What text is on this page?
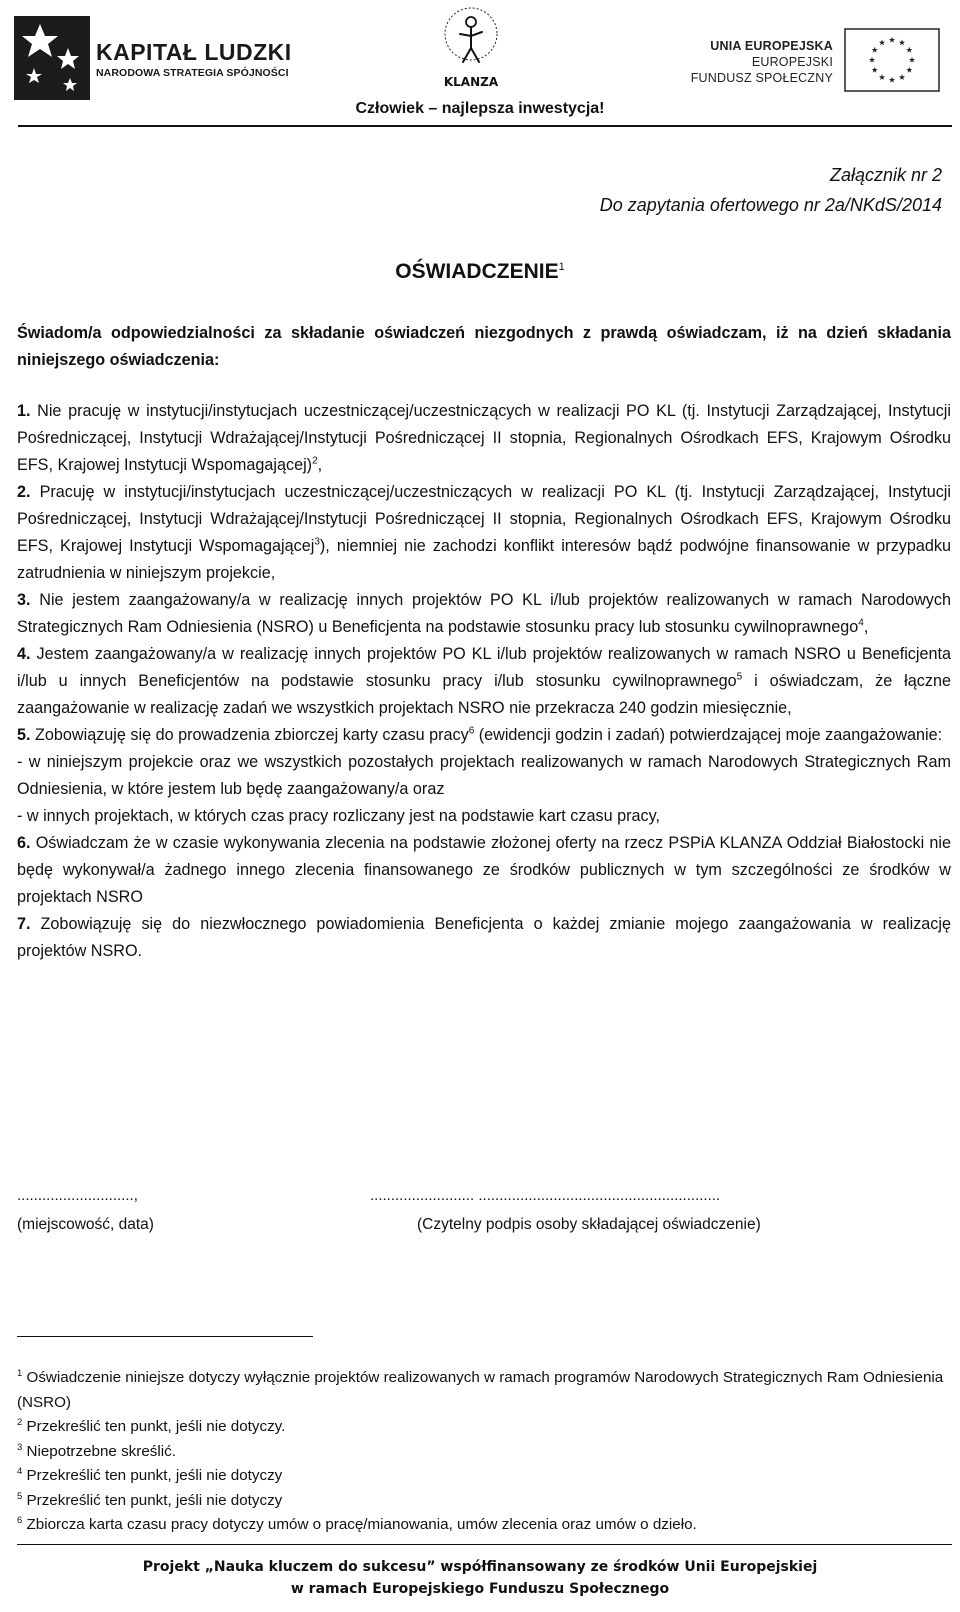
KAPITAŁ LUDZKI
NARODOWA STRATEGIA SPÓJNOŚCI
KLANZA
UNIA EUROPEJSKA
EUROPEJSKI
FUNDUSZ SPOŁECZNY
Człowiek – najlepsza inwestycja!
Załącznik nr 2
Do zapytania ofertowego nr 2a/NKdS/2014
OŚWIADCZENIE$^1$
Świadom/a odpowiedzialności za składanie oświadczeń niezgodnych z prawdą oświadczam, iż na dzień składania niniejszego oświadczenia:

1. Nie pracuję w instytucji/instytucjach uczestniczącej/uczestniczących w realizacji PO KL (tj. Instytucji Zarządzającej, Instytucji Pośredniczącej, Instytucji Wdrażającej/Instytucji Pośredniczącej II stopnia, Regionalnych Ośrodkach EFS, Krajowym Ośrodku EFS, Krajowej Instytucji Wspomagającej)$^2$,

2. Pracuję w instytucji/instytucjach uczestniczącej/uczestniczących w realizacji PO KL (tj. Instytucji Zarządzającej, Instytucji Pośredniczącej, Instytucji Wdrażającej/Instytucji Pośredniczącej II stopnia, Regionalnych Ośrodkach EFS, Krajowym Ośrodku EFS, Krajowej Instytucji Wspomagającej$^3$), niemniej nie zachodzi konflikt interesów bądź podwójne finansowanie w przypadku zatrudnienia w niniejszym projekcie,

3. Nie jestem zaangażowany/a w realizację innych projektów PO KL i/lub projektów realizowanych w ramach Narodowych Strategicznych Ram Odniesienia (NSRO) u Beneficjenta na podstawie stosunku pracy lub stosunku cywilnoprawnego$^4$,

4. Jestem zaangażowany/a w realizację innych projektów PO KL i/lub projektów realizowanych w ramach NSRO u Beneficjenta i/lub u innych Beneficjentów na podstawie stosunku pracy i/lub stosunku cywilnoprawnego$^5$ i oświadczam, że łączne zaangażowanie w realizację zadań we wszystkich projektach NSRO nie przekracza 240 godzin miesięcznie,

5. Zobowiązuję się do prowadzenia zbiorczej karty czasu pracy$^6$ (ewidencji godzin i zadań) potwierdzającej moje zaangażowanie:

- w niniejszym projekcie oraz we wszystkich pozostałych projektach realizowanych w ramach Narodowych Strategicznych Ram Odniesienia, w które jestem lub będę zaangażowany/a oraz

- w innych projektach, w których czas pracy rozliczany jest na podstawie kart czasu pracy,

6. Oświadczam że w czasie wykonywania zlecenia na podstawie złożonej oferty na rzecz PSPiA KLANZA Oddział Białostocki nie będę wykonywał/a żadnego innego zlecenia finansowanego ze środków publicznych w tym szczególności ze środków w projektach NSRO

7. Zobowiązuję się do niezwłocznego powiadomienia Beneficjenta o każdej zmianie mojego zaangażowania w realizację projektów NSRO.

............................,	......................... ..........................................................
(miejscowość, data)	(Czytelny podpis osoby składającej oświadczenie)

$^1$ Oświadczenie niniejsze dotyczy wyłącznie projektów realizowanych w ramach programów Narodowych Strategicznych Ram Odniesienia (NSRO)

$^2$ Przekreślić ten punkt, jeśli nie dotyczy.

$^3$ Niepotrzebne skreślić.

$^4$ Przekreślić ten punkt, jeśli nie dotyczy

$^5$ Przekreślić ten punkt, jeśli nie dotyczy

$^6$ Zbiorcza karta czasu pracy dotyczy umów o pracę/mianowania, umów zlecenia oraz umów o dzieło.

Projekt „Nauka kluczem do sukcesu” współfinansowany ze środków Unii Europejskiej
w ramach Europejskiego Funduszu Społecznego
